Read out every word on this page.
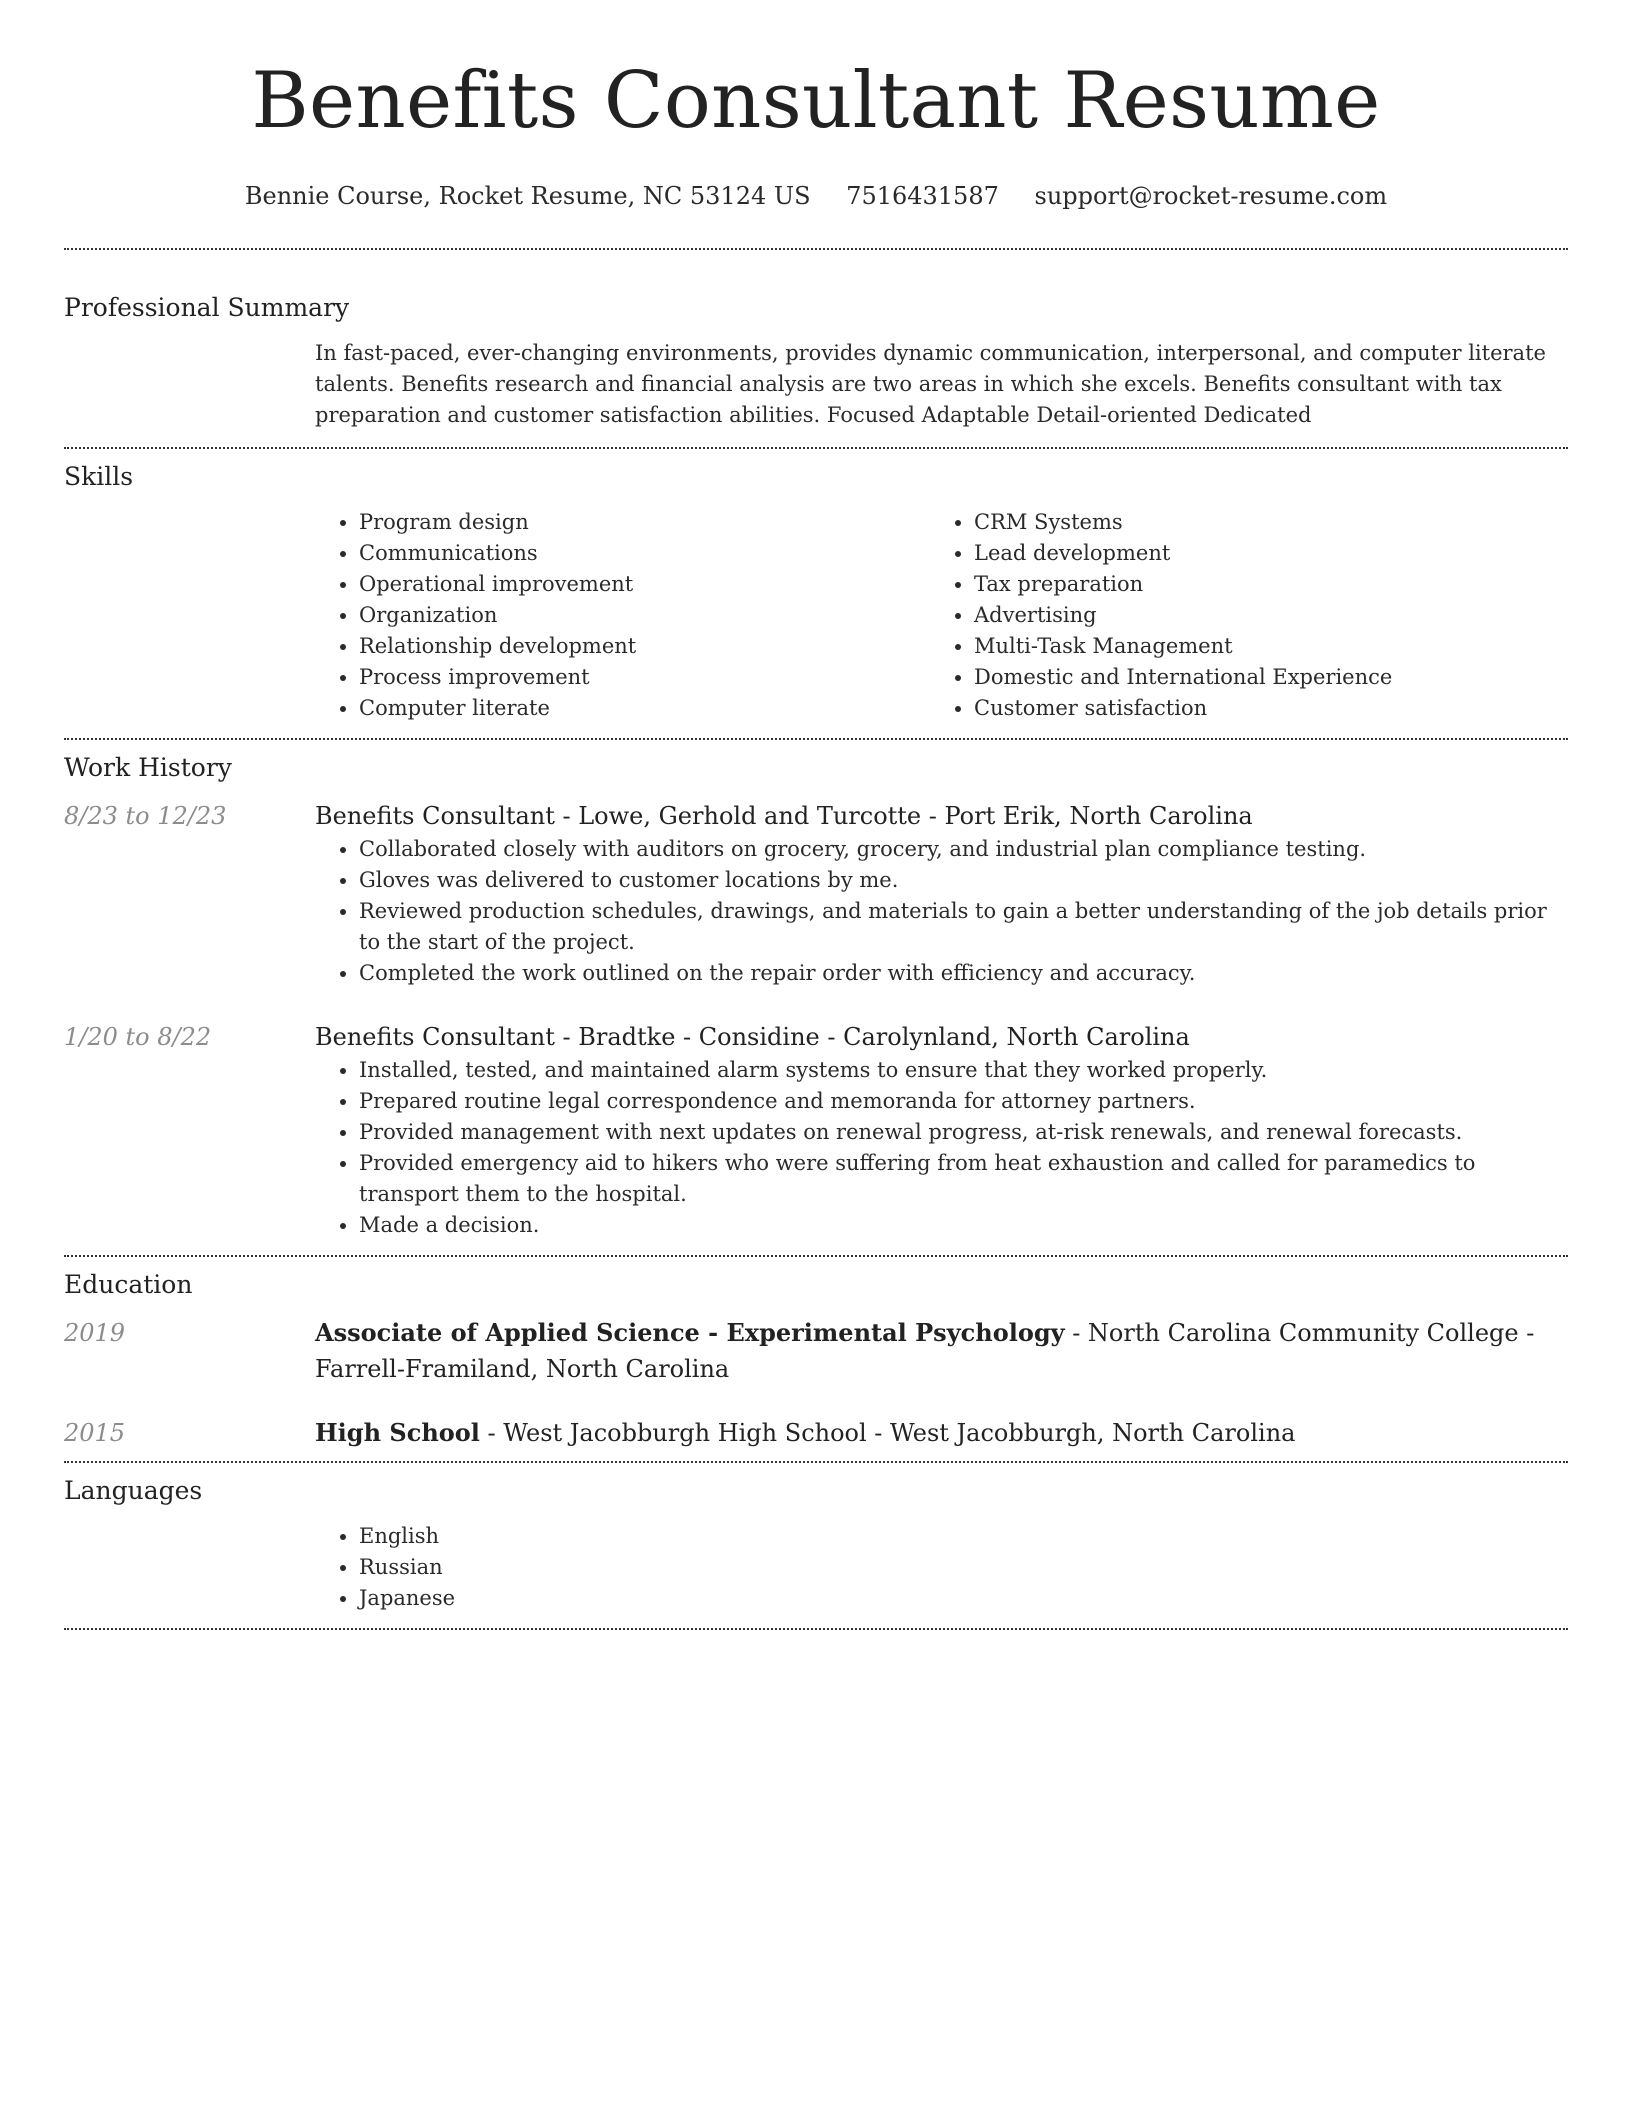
Benefits Consultant Resume
Bennie Course, Rocket Resume, NC 53124 US 7516431587 support@rocket-resume.com
Professional Summary
In fast-paced, ever-changing environments, provides dynamic communication, interpersonal, and computer literate talents. Benefits research and financial analysis are two areas in which she excels. Benefits consultant with tax preparation and customer satisfaction abilities. Focused Adaptable Detail-oriented Dedicated
Skills
• Program design
• Communications
• Operational improvement
• Organization
• Relationship development
• Process improvement
• Computer literate
• CRM Systems
• Lead development
• Tax preparation
• Advertising
• Multi-Task Management
• Domestic and International Experience
• Customer satisfaction
Work History
8/23 to 12/23	Benefits Consultant - Lowe, Gerhold and Turcotte - Port Erik, North Carolina
• Collaborated closely with auditors on grocery, grocery, and industrial plan compliance testing.
• Gloves was delivered to customer locations by me.
• Reviewed production schedules, drawings, and materials to gain a better understanding of the job details prior to the start of the project.
• Completed the work outlined on the repair order with efficiency and accuracy.
1/20 to 8/22	Benefits Consultant - Bradtke - Considine - Carolynland, North Carolina
• Installed, tested, and maintained alarm systems to ensure that they worked properly.
• Prepared routine legal correspondence and memoranda for attorney partners.
• Provided management with next updates on renewal progress, at-risk renewals, and renewal forecasts.
• Provided emergency aid to hikers who were suffering from heat exhaustion and called for paramedics to transport them to the hospital.
• Made a decision.
Education
2019	Associate of Applied Science - Experimental Psychology - North Carolina Community College - Farrell-Framiland, North Carolina
2015	High School - West Jacobburgh High School - West Jacobburgh, North Carolina
Languages
• English
• Russian
• Japanese
